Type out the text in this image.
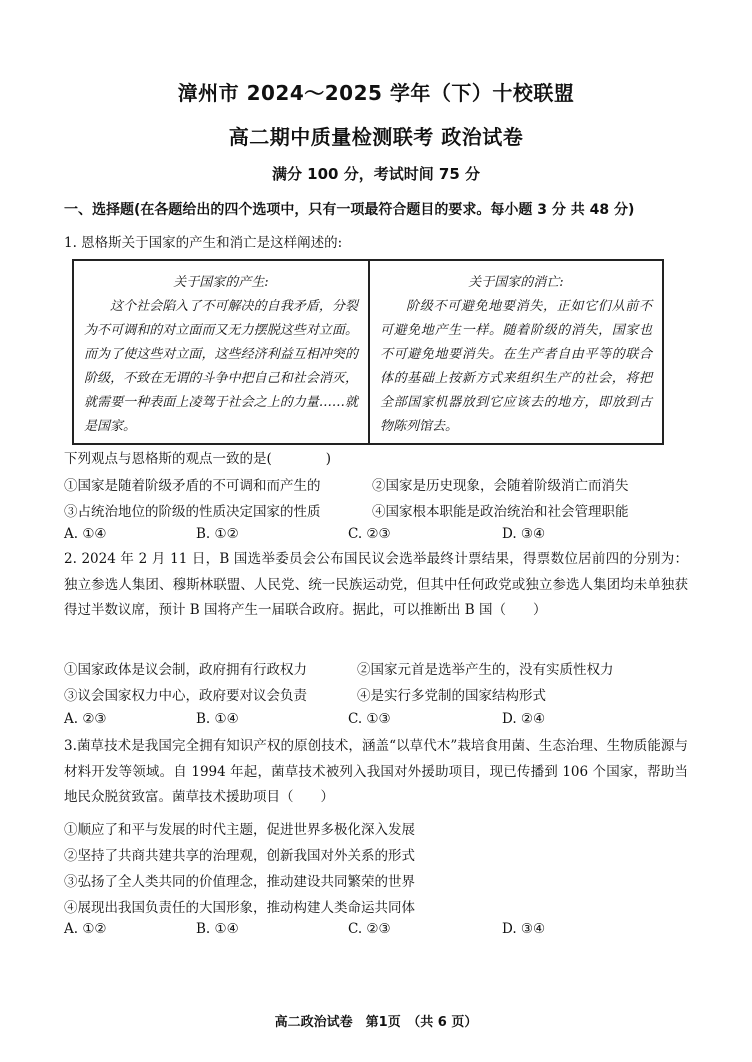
漳州市 2024～2025 学年（下）十校联盟
高二期中质量检测联考 政治试卷
满分 100 分，考试时间 75 分
一、选择题(在各题给出的四个选项中，只有一项最符合题目的要求。每小题 3 分 共 48 分)
1. 恩格斯关于国家的产生和消亡是这样阐述的:
关于国家的产生:
这个社会陷入了不可解决的自我矛盾，分裂为不可调和的对立面而又无力摆脱这些对立面。而为了使这些对立面，这些经济利益互相冲突的阶级，不致在无谓的斗争中把自己和社会消灭，就需要一种表面上凌驾于社会之上的力量……就是国家。
关于国家的消亡:
阶级不可避免地要消失，正如它们从前不可避免地产生一样。随着阶级的消失，国家也不可避免地要消失。在生产者自由平等的联合体的基础上按新方式来组织生产的社会，将把全部国家机器放到它应该去的地方，即放到古物陈列馆去。
下列观点与恩格斯的观点一致的是(　　　　)
①国家是随着阶级矛盾的不可调和而产生的	②国家是历史现象，会随着阶级消亡而消失
③占统治地位的阶级的性质决定国家的性质	④国家根本职能是政治统治和社会管理职能
A. ①④	B. ①②	C. ②③	D. ③④
2. 2024 年 2 月 11 日，B 国选举委员会公布国民议会选举最终计票结果，得票数位居前四的分别为：独立参选人集团、穆斯林联盟、人民党、统一民族运动党，但其中任何政党或独立参选人集团均未单独获得过半数议席，预计 B 国将产生一届联合政府。据此，可以推断出 B 国（　　）
①国家政体是议会制，政府拥有行政权力	②国家元首是选举产生的，没有实质性权力
③议会国家权力中心，政府要对议会负责	④是实行多党制的国家结构形式
A. ②③	B. ①④	C. ①③	D. ②④
3.菌草技术是我国完全拥有知识产权的原创技术，涵盖“以草代木”栽培食用菌、生态治理、生物质能源与材料开发等领域。自 1994 年起，菌草技术被列入我国对外援助项目，现已传播到 106 个国家，帮助当地民众脱贫致富。菌草技术援助项目（　　）
①顺应了和平与发展的时代主题，促进世界多极化深入发展
②坚持了共商共建共享的治理观，创新我国对外关系的形式
③弘扬了全人类共同的价值理念，推动建设共同繁荣的世界
④展现出我国负责任的大国形象，推动构建人类命运共同体
A. ①②	B. ①④	C. ②③	D. ③④
高二政治试卷　第1页　（共 6 页）
